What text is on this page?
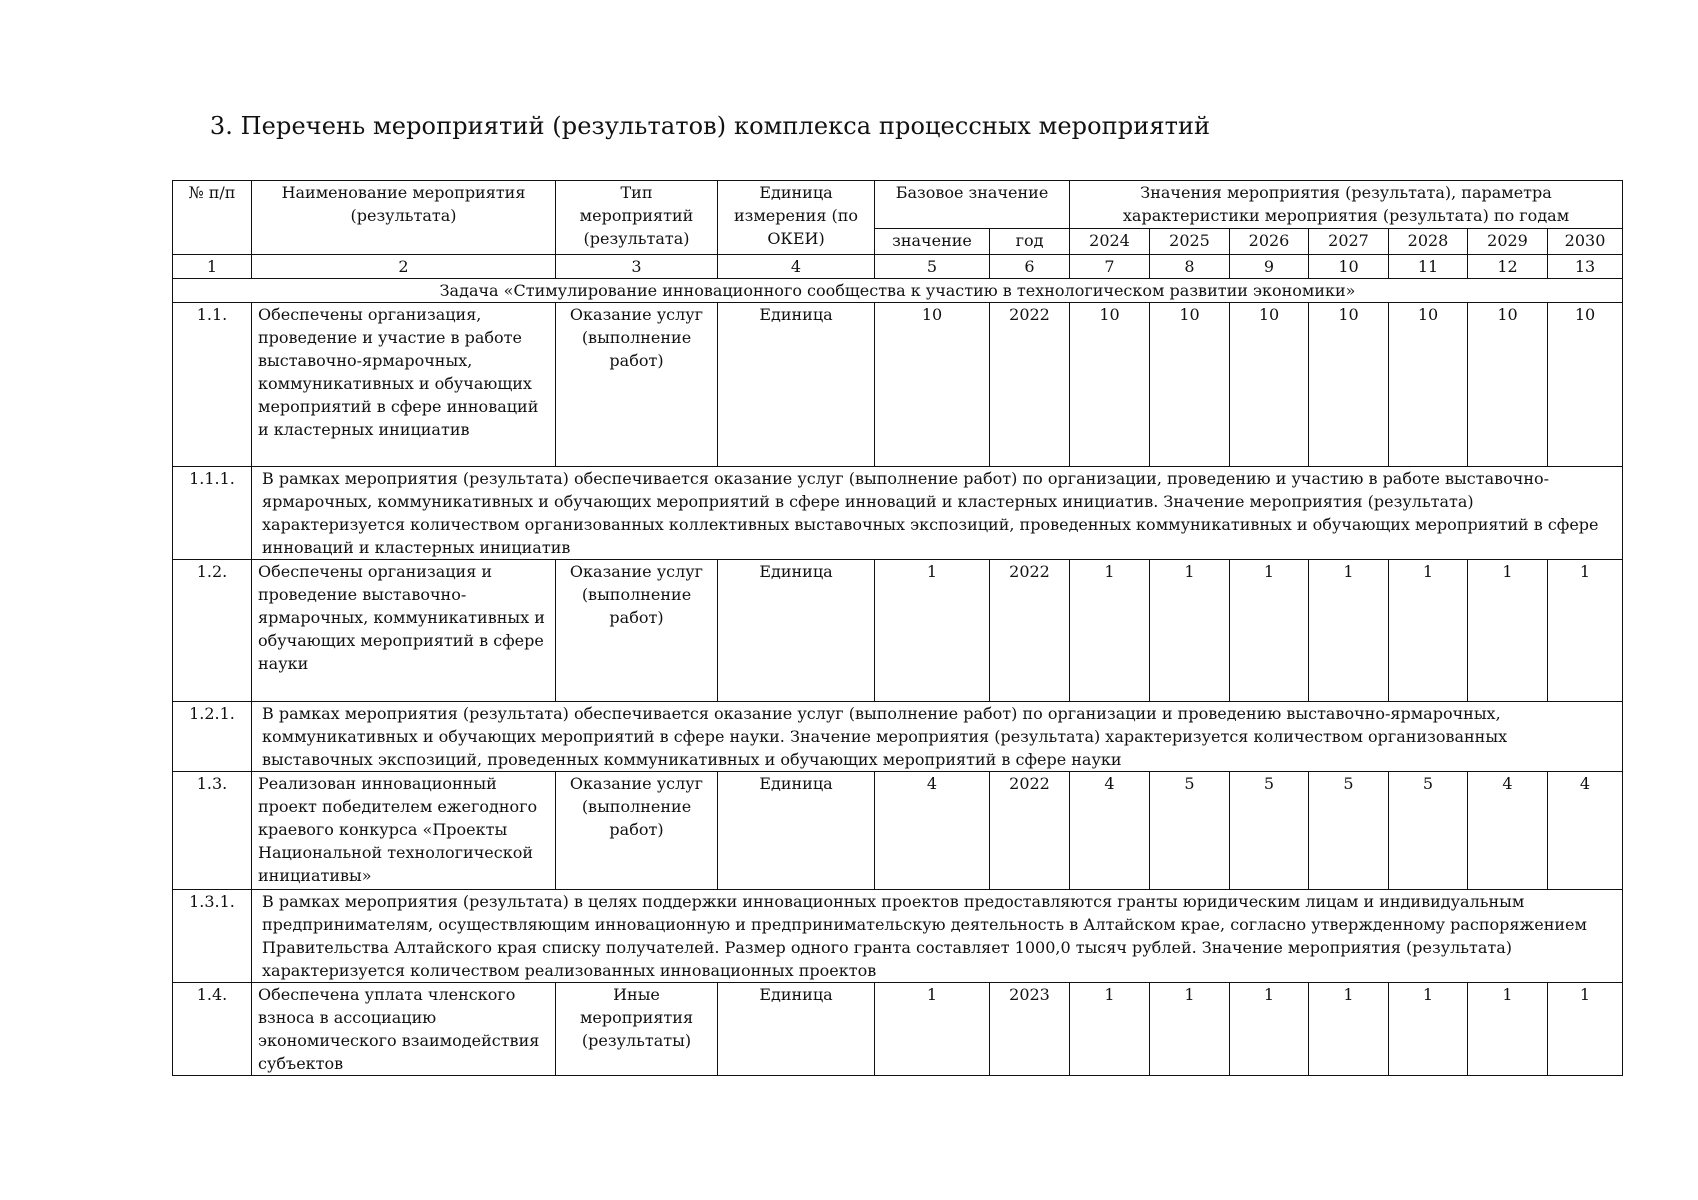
3. Перечень мероприятий (результатов) комплекса процессных мероприятий
№ п/п	Наименование мероприятия (результата)	Тип мероприятий (результата)	Единица измерения (по ОКЕИ)	Базовое значение		Значения мероприятия (результата), параметра характеристики мероприятия (результата) по годам						
				значение	год	2024	2025	2026	2027	2028	2029	2030
1	2	3	4	5	6	7	8	9	10	11	12	13
Задача «Стимулирование инновационного сообщества к участию в технологическом развитии экономики»												
1.1.	Обеспечены организация, проведение и участие в работе выставочно-ярмарочных, коммуникативных и обучающих мероприятий в сфере инноваций и кластерных инициатив	Оказание услуг (выполнение работ)	Единица	10	2022	10	10	10	10	10	10	10
1.1.1.	В рамках мероприятия (результата) обеспечивается оказание услуг (выполнение работ) по организации, проведению и участию в работе выставочно-ярмарочных, коммуникативных и обучающих мероприятий в сфере инноваций и кластерных инициатив. Значение мероприятия (результата) характеризуется количеством организованных коллективных выставочных экспозиций, проведенных коммуникативных и обучающих мероприятий в сфере инноваций и кластерных инициатив											
1.2.	Обеспечены организация и проведение выставочно-ярмарочных, коммуникативных и обучающих мероприятий в сфере науки	Оказание услуг (выполнение работ)	Единица	1	2022	1	1	1	1	1	1	1
1.2.1.	В рамках мероприятия (результата) обеспечивается оказание услуг (выполнение работ) по организации и проведению выставочно-ярмарочных, коммуникативных и обучающих мероприятий в сфере науки. Значение мероприятия (результата) характеризуется количеством организованных выставочных экспозиций, проведенных коммуникативных и обучающих мероприятий в сфере науки											
1.3.	Реализован инновационный проект победителем ежегодного краевого конкурса «Проекты Национальной технологической инициативы»	Оказание услуг (выполнение работ)	Единица	4	2022	4	5	5	5	5	4	4
1.3.1.	В рамках мероприятия (результата) в целях поддержки инновационных проектов предоставляются гранты юридическим лицам и индивидуальным предпринимателям, осуществляющим инновационную и предпринимательскую деятельность в Алтайском крае, согласно утвержденному распоряжением Правительства Алтайского края списку получателей. Размер одного гранта составляет 1000,0 тысяч рублей. Значение мероприятия (результата) характеризуется количеством реализованных инновационных проектов											
1.4.	Обеспечена уплата членского взноса в ассоциацию экономического взаимодействия субъектов	Иные мероприятия (результаты)	Единица	1	2023	1	1	1	1	1	1	1
